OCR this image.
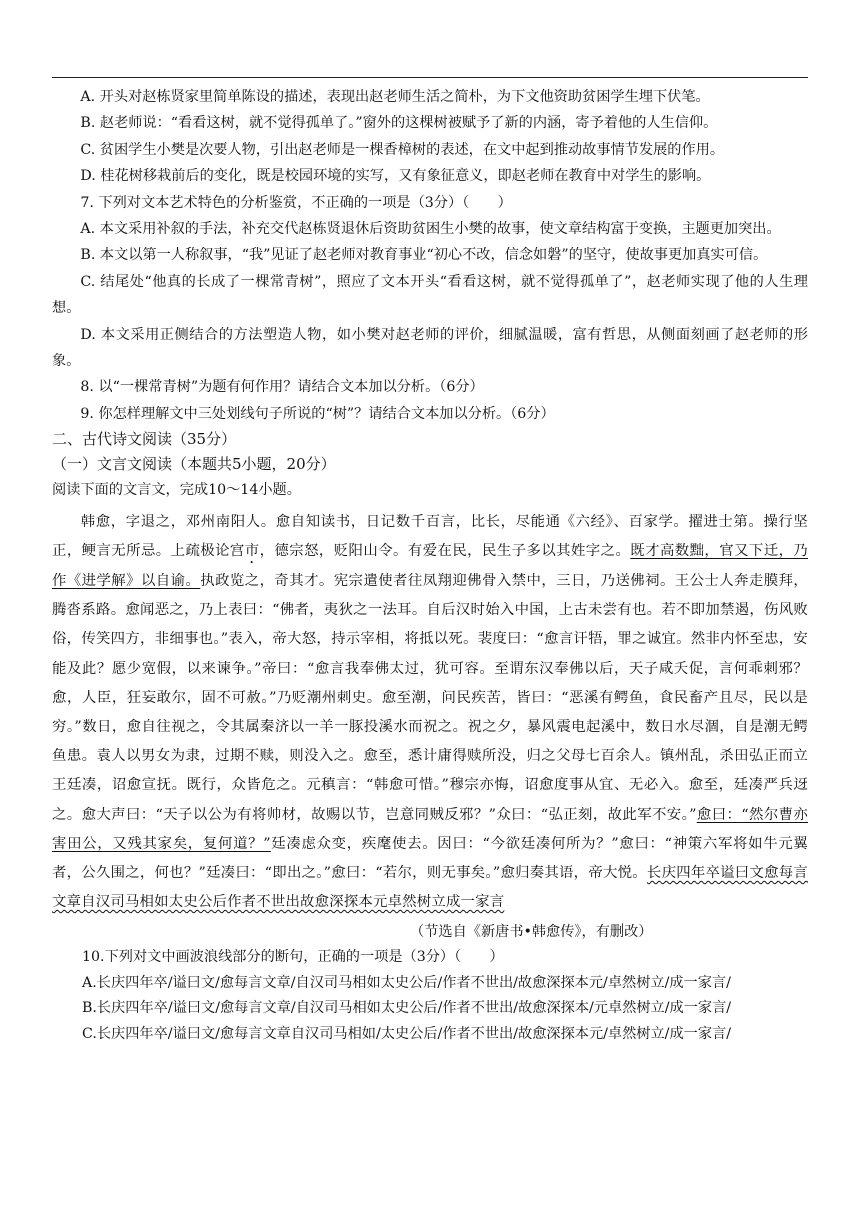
A. 开头对赵栋贤家里简单陈设的描述，表现出赵老师生活之简朴，为下文他资助贫困学生埋下伏笔。

B. 赵老师说：“看看这树，就不觉得孤单了。”窗外的这棵树被赋予了新的内涵，寄予着他的人生信仰。

C. 贫困学生小樊是次要人物，引出赵老师是一棵香樟树的表述，在文中起到推动故事情节发展的作用。

D. 桂花树移栽前后的变化，既是校园环境的实写，又有象征意义，即赵老师在教育中对学生的影响。

7. 下列对文本艺术特色的分析鉴赏，不正确的一项是（3分）（　　）

A. 本文采用补叙的手法，补充交代赵栋贤退休后资助贫困生小樊的故事，使文章结构富于变换，主题更加突出。

B. 本文以第一人称叙事，“我”见证了赵老师对教育事业“初心不改，信念如磐”的坚守，使故事更加真实可信。

C. 结尾处“他真的长成了一棵常青树”，照应了文本开头“看看这树，就不觉得孤单了”，赵老师实现了他的人生理想。

D. 本文采用正侧结合的方法塑造人物，如小樊对赵老师的评价，细腻温暖，富有哲思，从侧面刻画了赵老师的形象。

8. 以“一棵常青树”为题有何作用？请结合文本加以分析。（6分）

9. 你怎样理解文中三处划线句子所说的“树”？请结合文本加以分析。（6分）

二、古代诗文阅读（35分）

（一）文言文阅读（本题共5小题，20分）

阅读下面的文言文，完成10～14小题。

韩愈，字退之，邓州南阳人。愈自知读书，日记数千百言，比长，尽能通《六经》、百家学。擢进士第。操行坚正，鲠言无所忌。上疏极论宫市，德宗怒，贬阳山令。有爱在民，民生子多以其姓字之。既才高数黜，官又下迁，乃作《进学解》以自谕。执政览之，奇其才。宪宗遣使者往凤翔迎佛骨入禁中，三日，乃送佛祠。王公士人奔走膜拜，腾沓系路。愈闻恶之，乃上表曰：“佛者，夷狄之一法耳。自后汉时始入中国，上古未尝有也。若不即加禁遏，伤风败俗，传笑四方，非细事也。”表入，帝大怒，持示宰相，将抵以死。裴度曰：“愈言讦牾，罪之诚宜。然非内怀至忠，安能及此？愿少宽假，以来谏争。”帝曰：“愈言我奉佛太过，犹可容。至谓东汉奉佛以后，天子咸夭促，言何乖刺邪？愈，人臣，狂妄敢尔，固不可赦。”乃贬潮州刺史。愈至潮，问民疾苦，皆曰：“恶溪有鳄鱼，食民畜产且尽，民以是穷。”数日，愈自往视之，令其属秦济以一羊一豚投溪水而祝之。祝之夕，暴风震电起溪中，数日水尽涸，自是潮无鳄鱼患。袁人以男女为隶，过期不赎，则没入之。愈至，悉计庸得赎所没，归之父母七百余人。镇州乱，杀田弘正而立王廷凑，诏愈宣抚。既行，众皆危之。元稹言：“韩愈可惜。”穆宗亦悔，诏愈度事从宜、无必入。愈至，廷凑严兵迓之。愈大声曰：“天子以公为有将帅材，故赐以节，岂意同贼反邪？”众曰：“弘正刻，故此军不安。”愈曰：“然尔曹亦害田公，又残其家矣，复何道？”廷凑虑众变，疾麾使去。因曰：“今欲廷凑何所为？”愈曰：“神策六军将如牛元翼者，公久围之，何也？”廷凑曰：“即出之。”愈曰：“若尔，则无事矣。”愈归奏其语，帝大悦。长庆四年卒谥曰文愈每言文章自汉司马相如太史公后作者不世出故愈深探本元卓然树立成一家言

（节选自《新唐书•韩愈传》，有删改）

10.下列对文中画波浪线部分的断句，正确的一项是（3分）（　　）

A.长庆四年卒/谥曰文/愈每言文章/自汉司马相如太史公后/作者不世出/故愈深探本元/卓然树立/成一家言/

B.长庆四年卒/谥曰文/愈每言文章/自汉司马相如太史公后/作者不世出/故愈深探本/元卓然树立/成一家言/

C.长庆四年卒/谥曰文/愈每言文章自汉司马相如/太史公后/作者不世出/故愈深探本元/卓然树立/成一家言/
